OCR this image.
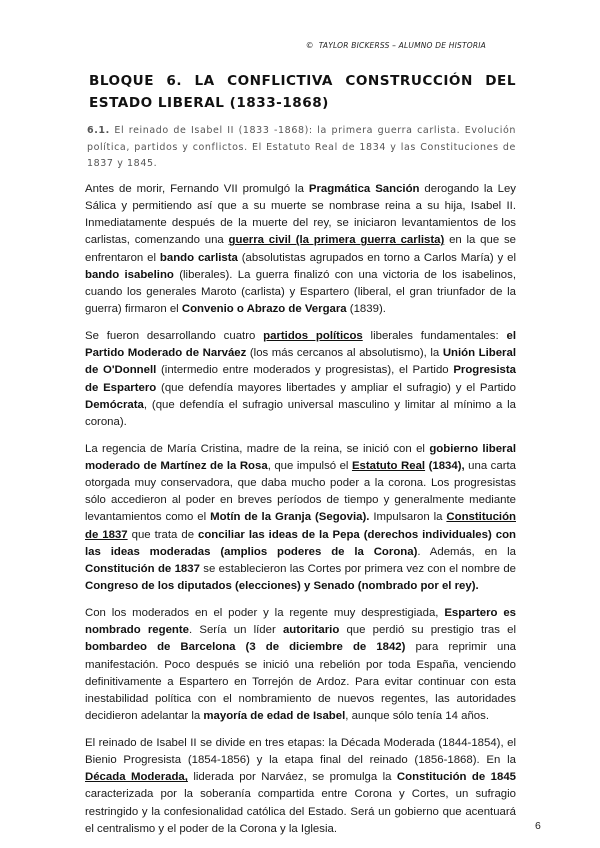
© TAYLOR BICKERSS – ALUMNO DE HISTORIA
BLOQUE 6. LA CONFLICTIVA CONSTRUCCIÓN DEL ESTADO LIBERAL (1833-1868)
6.1. El reinado de Isabel II (1833 -1868): la primera guerra carlista. Evolución política, partidos y conflictos. El Estatuto Real de 1834 y las Constituciones de 1837 y 1845.

Antes de morir, Fernando VII promulgó la Pragmática Sanción derogando la Ley Sálica y permitiendo así que a su muerte se nombrase reina a su hija, Isabel II. Inmediatamente después de la muerte del rey, se iniciaron levantamientos de los carlistas, comenzando una guerra civil (la primera guerra carlista) en la que se enfrentaron el bando carlista (absolutistas agrupados en torno a Carlos María) y el bando isabelino (liberales). La guerra finalizó con una victoria de los isabelinos, cuando los generales Maroto (carlista) y Espartero (liberal, el gran triunfador de la guerra) firmaron el Convenio o Abrazo de Vergara (1839).

Se fueron desarrollando cuatro partidos políticos liberales fundamentales: el Partido Moderado de Narváez (los más cercanos al absolutismo), la Unión Liberal de O'Donnell (intermedio entre moderados y progresistas), el Partido Progresista de Espartero (que defendía mayores libertades y ampliar el sufragio) y el Partido Demócrata, (que defendía el sufragio universal masculino y limitar al mínimo a la corona).

La regencia de María Cristina, madre de la reina, se inició con el gobierno liberal moderado de Martínez de la Rosa, que impulsó el Estatuto Real (1834), una carta otorgada muy conservadora, que daba mucho poder a la corona. Los progresistas sólo accedieron al poder en breves períodos de tiempo y generalmente mediante levantamientos como el Motín de la Granja (Segovia). Impulsaron la Constitución de 1837 que trata de conciliar las ideas de la Pepa (derechos individuales) con las ideas moderadas (amplios poderes de la Corona). Además, en la Constitución de 1837 se establecieron las Cortes por primera vez con el nombre de Congreso de los diputados (elecciones) y Senado (nombrado por el rey).

Con los moderados en el poder y la regente muy desprestigiada, Espartero es nombrado regente. Sería un líder autoritario que perdió su prestigio tras el bombardeo de Barcelona (3 de diciembre de 1842) para reprimir una manifestación. Poco después se inició una rebelión por toda España, venciendo definitivamente a Espartero en Torrejón de Ardoz. Para evitar continuar con esta inestabilidad política con el nombramiento de nuevos regentes, las autoridades decidieron adelantar la mayoría de edad de Isabel, aunque sólo tenía 14 años.

El reinado de Isabel II se divide en tres etapas: la Década Moderada (1844-1854), el Bienio Progresista (1854-1856) y la etapa final del reinado (1856-1868). En la Década Moderada, liderada por Narváez, se promulga la Constitución de 1845 caracterizada por la soberanía compartida entre Corona y Cortes, un sufragio restringido y la confesionalidad católica del Estado. Será un gobierno que acentuará el centralismo y el poder de la Corona y la Iglesia.	6
